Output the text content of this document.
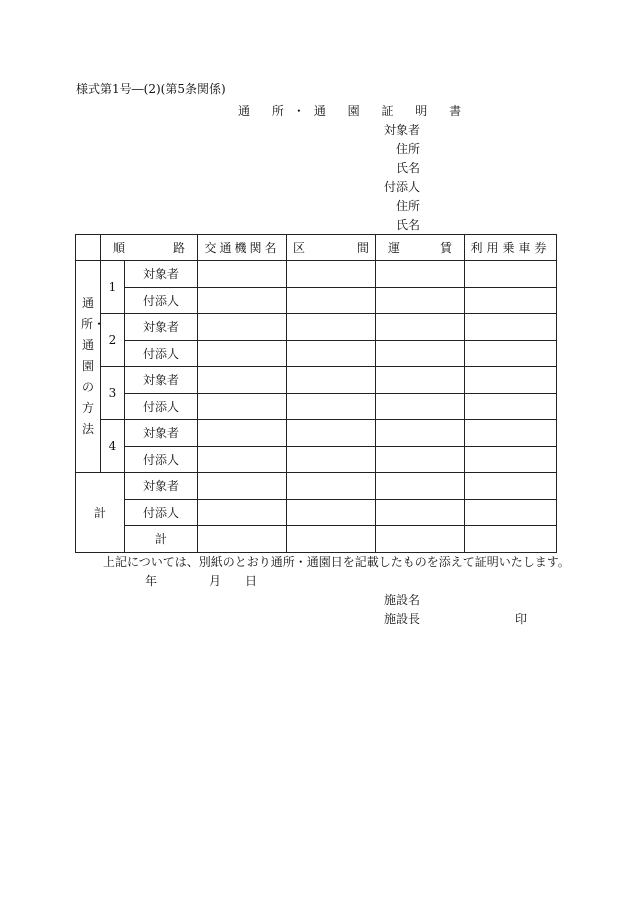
様式第1号―(2)(第5条関係)
通 所・通 園 証 明 書
対象者
住所
氏名
付添人
住所
氏名

	順 路		交通機関名	区 間	運 賃	利用乗車券
通所・通園の方法	1	対象者				
		付添人				
	2	対象者				
		付添人				
	3	対象者				
		付添人				
	4	対象者				
		付添人				
計		対象者				
		付添人				
		計				
上記については、別紙のとおり通所・通園日を記載したものを添えて証明いたします。
年	月 日
施設名
施設長	印
